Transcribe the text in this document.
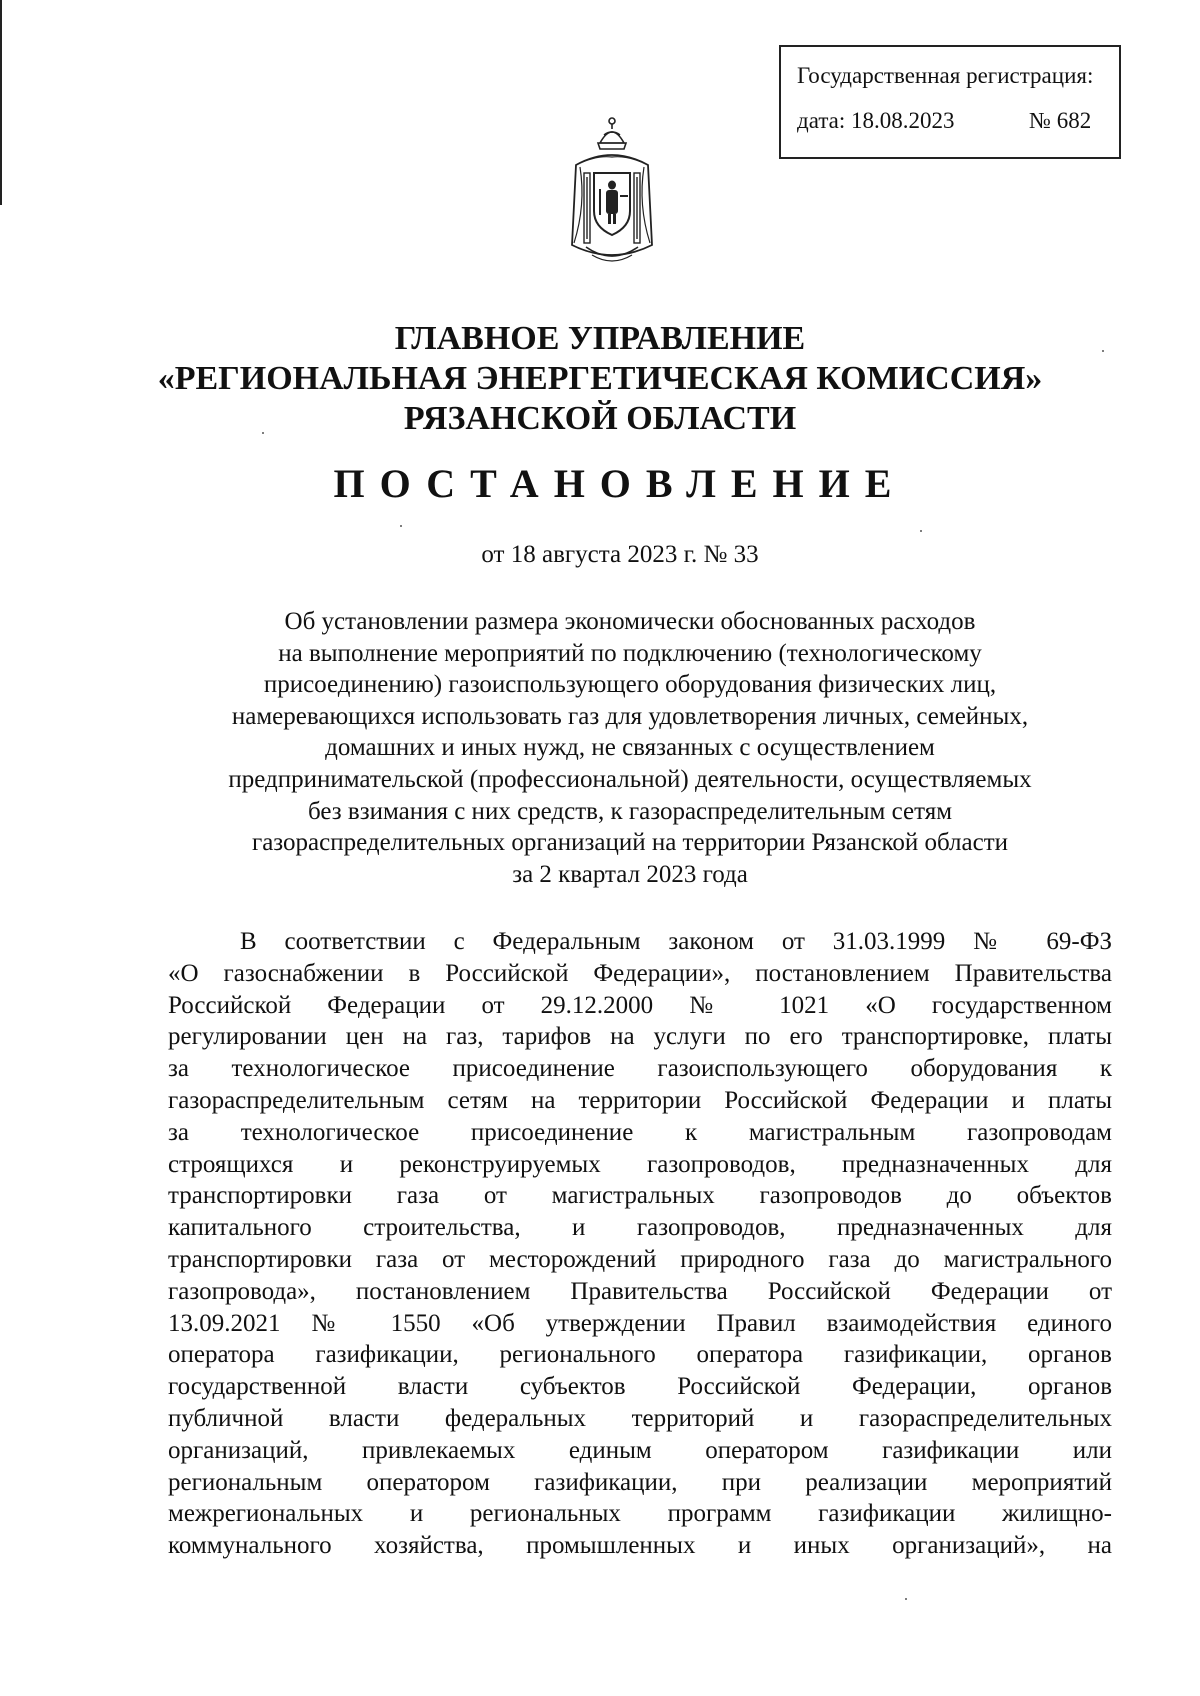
Государственная регистрация:
дата: 18.08.2023	№ 682
ГЛАВНОЕ УПРАВЛЕНИЕ
«РЕГИОНАЛЬНАЯ ЭНЕРГЕТИЧЕСКАЯ КОМИССИЯ»
РЯЗАНСКОЙ ОБЛАСТИ
ПОСТАНОВЛЕНИЕ
от 18 августа 2023 г. № 33
Об установлении размера экономически обоснованных расходов
на выполнение мероприятий по подключению (технологическому
присоединению) газоиспользующего оборудования физических лиц,
намеревающихся использовать газ для удовлетворения личных, семейных,
домашних и иных нужд, не связанных с осуществлением
предпринимательской (профессиональной) деятельности, осуществляемых
без взимания с них средств, к газораспределительным сетям
газораспределительных организаций на территории Рязанской области
за 2 квартал 2023 года
В соответствии с Федеральным законом от 31.03.1999 № 69-ФЗ
«О газоснабжении в Российской Федерации», постановлением Правительства
Российской Федерации от 29.12.2000 № 1021 «О государственном
регулировании цен на газ, тарифов на услуги по его транспортировке, платы
за технологическое присоединение газоиспользующего оборудования к
газораспределительным сетям на территории Российской Федерации и платы
за технологическое присоединение к магистральным газопроводам
строящихся и реконструируемых газопроводов, предназначенных для
транспортировки газа от магистральных газопроводов до объектов
капитального строительства, и газопроводов, предназначенных для
транспортировки газа от месторождений природного газа до магистрального
газопровода», постановлением Правительства Российской Федерации от
13.09.2021 № 1550 «Об утверждении Правил взаимодействия единого
оператора газификации, регионального оператора газификации, органов
государственной власти субъектов Российской Федерации, органов
публичной власти федеральных территорий и газораспределительных
организаций, привлекаемых единым оператором газификации или
региональным оператором газификации, при реализации мероприятий
межрегиональных и региональных программ газификации жилищно-
коммунального хозяйства, промышленных и иных организаций», на
